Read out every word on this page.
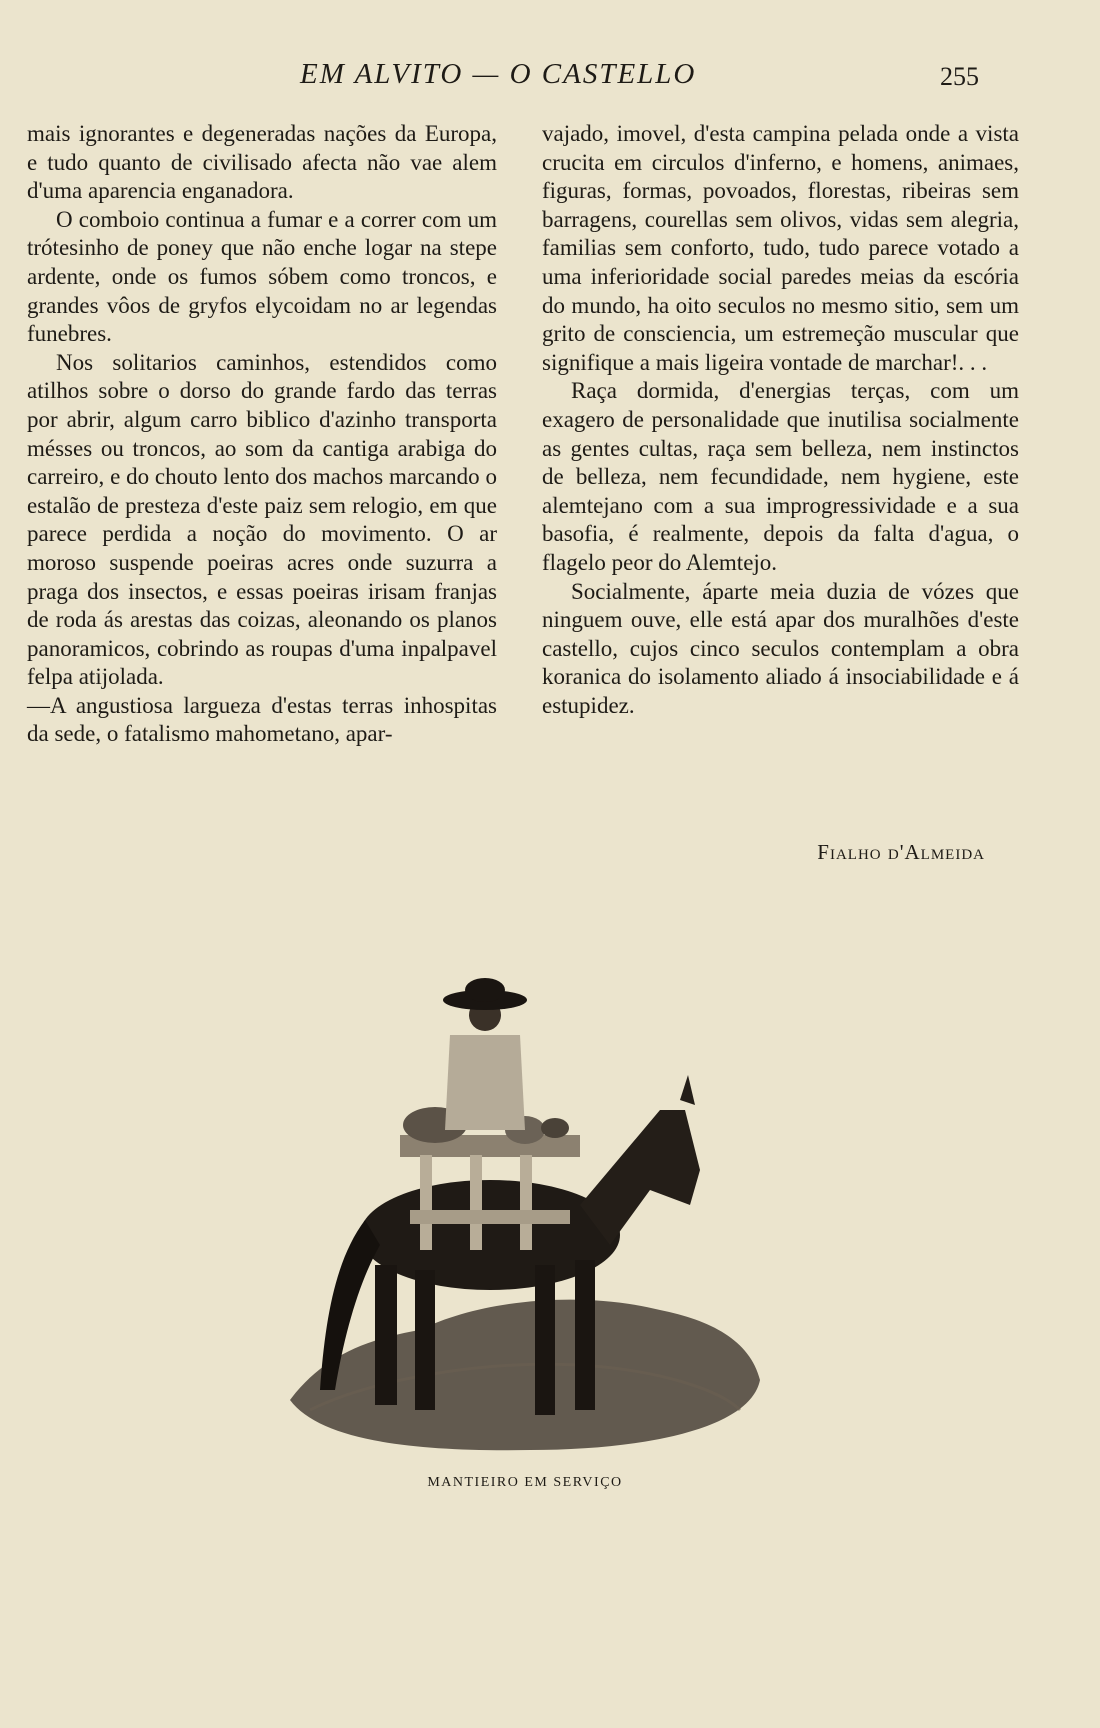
EM ALVITO — O CASTELLO	255

mais ignorantes e degeneradas nações da Europa, e tudo quanto de civilisado afecta não vae alem d'uma aparencia enganadora.

O comboio continua a fumar e a correr com um trótesinho de poney que não enche logar na stepe ardente, onde os fumos sóbem como troncos, e grandes vôos de gryfos elycoidam no ar legendas funebres.

Nos solitarios caminhos, estendidos como atilhos sobre o dorso do grande fardo das terras por abrir, algum carro biblico d'azinho transporta mésses ou troncos, ao som da cantiga arabiga do carreiro, e do chouto lento dos machos marcando o estalão de presteza d'este paiz sem relogio, em que parece perdida a noção do movimento. O ar moroso suspende poeiras acres onde suzurra a praga dos insectos, e essas poeiras irisam franjas de roda ás arestas das coizas, aleonando os planos panoramicos, cobrindo as roupas d'uma inpalpavel felpa atijolada.

—A angustiosa largueza d'estas terras inhospitas da sede, o fatalismo mahometano, apar-

vajado, imovel, d'esta campina pelada onde a vista crucita em circulos d'inferno, e homens, animaes, figuras, formas, povoados, florestas, ribeiras sem barragens, courellas sem olivos, vidas sem alegria, familias sem conforto, tudo, tudo parece votado a uma inferioridade social paredes meias da escória do mundo, ha oito seculos no mesmo sitio, sem um grito de consciencia, um estremeção muscular que signifique a mais ligeira vontade de marchar!. . .

Raça dormida, d'energias terças, com um exagero de personalidade que inutilisa socialmente as gentes cultas, raça sem belleza, nem instinctos de belleza, nem fecundidade, nem hygiene, este alemtejano com a sua improgressividade e a sua basofia, é realmente, depois da falta d'agua, o flagelo peor do Alemtejo.

Socialmente, áparte meia duzia de vózes que ninguem ouve, elle está apar dos muralhões d'este castello, cujos cinco seculos contemplam a obra koranica do isolamento aliado á insociabilidade e á estupidez.

Fialho d'Almeida
MANTIEIRO EM SERVIÇO
